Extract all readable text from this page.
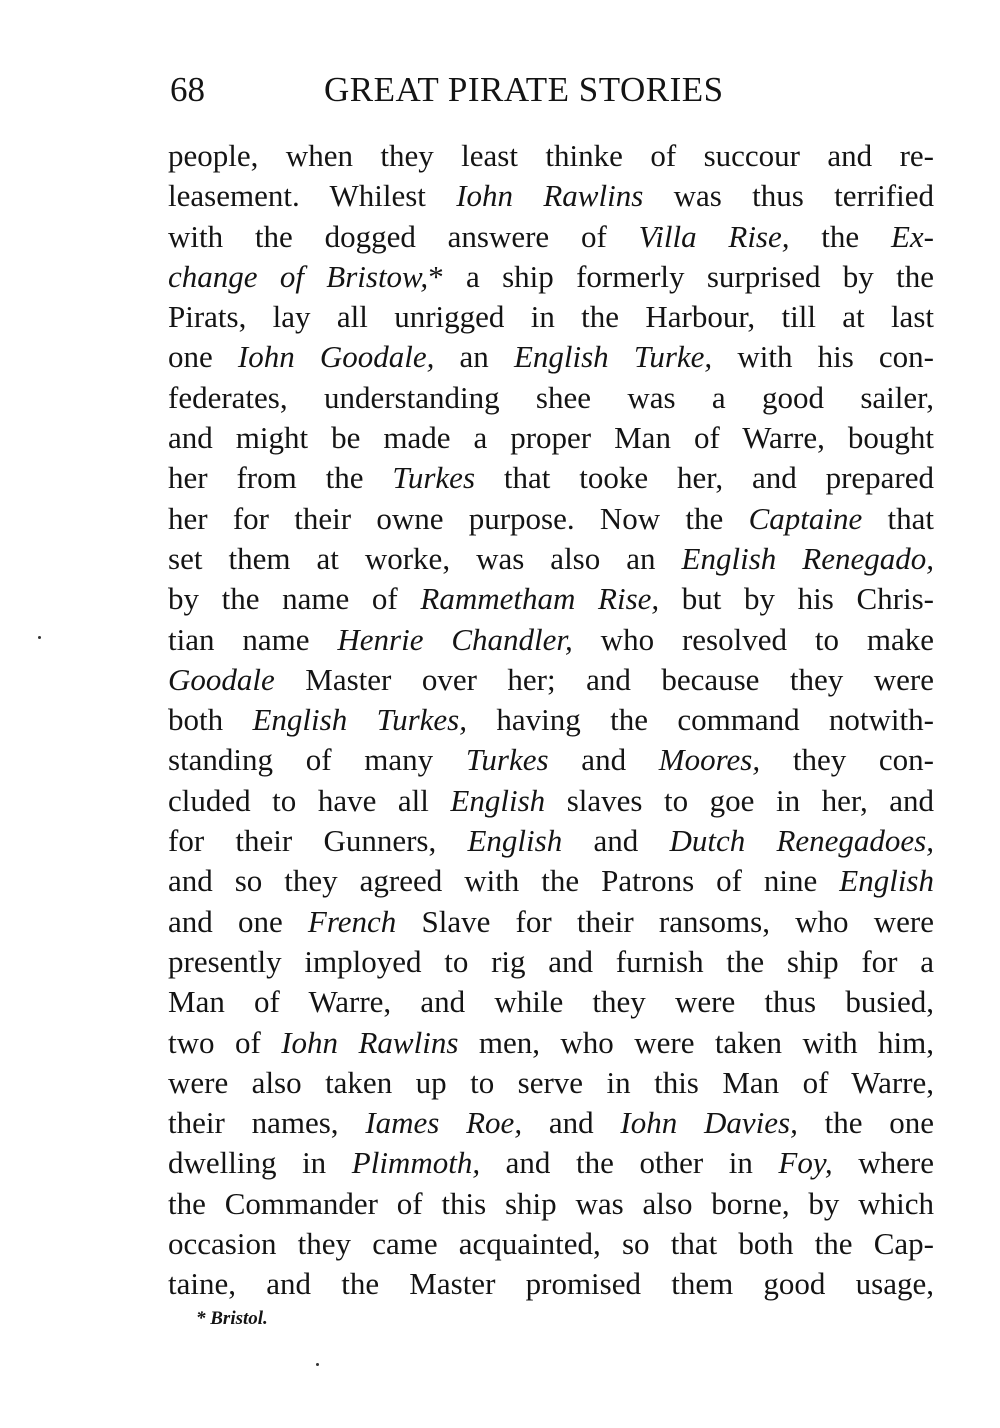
68	GREAT PIRATE STORIES
people, when they least thinke of succour and re-
leasement. Whilest Iohn Rawlins was thus terrified
with the dogged answere of Villa Rise, the Ex-
change of Bristow,* a ship formerly surprised by the
Pirats, lay all unrigged in the Harbour, till at last
one Iohn Goodale, an English Turke, with his con-
federates, understanding shee was a good sailer,
and might be made a proper Man of Warre, bought
her from the Turkes that tooke her, and prepared
her for their owne purpose. Now the Captaine that
set them at worke, was also an English Renegado,
by the name of Rammetham Rise, but by his Chris-
tian name Henrie Chandler, who resolved to make
Goodale Master over her; and because they were
both English Turkes, having the command notwith-
standing of many Turkes and Moores, they con-
cluded to have all English slaves to goe in her, and
for their Gunners, English and Dutch Renegadoes,
and so they agreed with the Patrons of nine English
and one French Slave for their ransoms, who were
presently imployed to rig and furnish the ship for a
Man of Warre, and while they were thus busied,
two of Iohn Rawlins men, who were taken with him,
were also taken up to serve in this Man of Warre,
their names, Iames Roe, and Iohn Davies, the one
dwelling in Plimmoth, and the other in Foy, where
the Commander of this ship was also borne, by which
occasion they came acquainted, so that both the Cap-
taine, and the Master promised them good usage,
* Bristol.
